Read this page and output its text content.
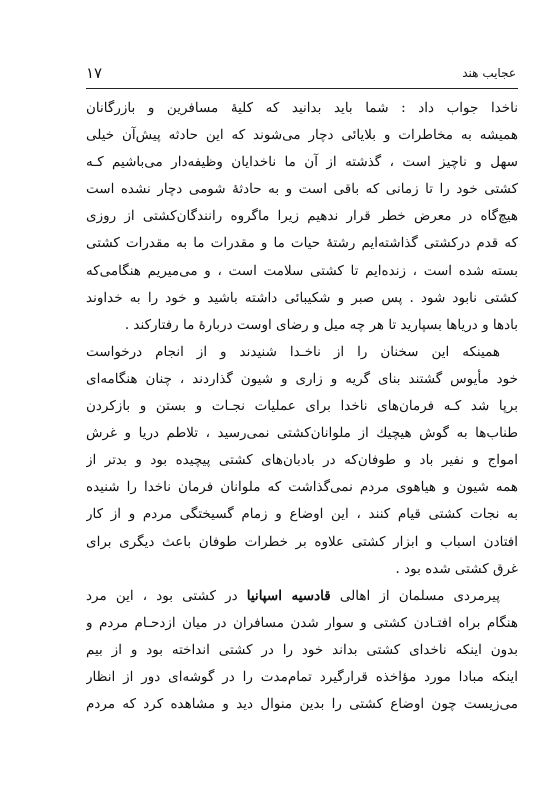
عجایب هند
۱۷
ناخدا جواب داد : شما باید بدانید که کلیهٔ مسافرین و بازرگانان
همیشه به مخاطرات و بلایائی دچار می‌شوند که این حادثه پیش‌آن خیلی
سهل و ناچیز است ، گذشته از آن ما ناخدایان وظیفه‌دار می‌باشیم کـه
کشتی خود را تا زمانی که باقی است و به حادثهٔ شومی دچار نشده است
هیچ‌گاه در معرض خطر قرار ندهیم زیرا ماگروه رانندگان‌کشتی از روزی
که قدم درکشتی گذاشته‌ایم رشتهٔ حیات ما و مقدرات ما به مقدرات کشتی
بسته شده است ، زنده‌ایم تا کشتی سلامت است ، و می‌میریم هنگامی‌که
کشتی نابود شود . پس صبر و شکیبائی داشته باشید و خود را به خداوند
بادها و دریاها بسپارید تا هر چه میل و رضای اوست دربارهٔ ما رفتارکند .
همینکه این سخنان را از ناخـدا شنیدند و از انجام درخواست
خود مأیوس گشتند بنای گریه و زاری و شیون گذاردند ، چنان هنگامه‌ای
برپا شد کـه فرمان‌های ناخدا برای عملیات نجـات و بستن و بازکردن
طناب‌ها به گوش هیچیك از ملوانان‌کشتی نمی‌رسید ، تلاطم دریا و غرش
امواج و نفیر باد و طوفان‌که در بادبان‌های کشتی پیچیده بود و بدتر از
همه شیون و هیاهوی مردم نمی‌گذاشت که ملوانان فرمان ناخدا را شنیده
به نجات کشتی قیام کنند ، این اوضاع و زمام گسیختگی مردم و از کار
افتادن اسباب و ابزار کشتی علاوه بر خطرات طوفان باعث دیگری برای
غرق کشتی شده بود .
پیرمردی مسلمان از اهالی قادسیه اسپانیا در کشتی بود ، این مرد
هنگام براه افتـادن کشتی و سوار شدن مسافران در میان ازدحـام مردم و
بدون اینکه ناخدای کشتی بداند خود را در کشتی انداخته بود و از بیم
اینکه مبادا مورد مؤاخذه قرارگیرد تمام‌مدت را در گوشه‌ای دور از انظار
می‌زیست چون اوضاع کشتی را بدین منوال دید و مشاهده کرد که مردم
